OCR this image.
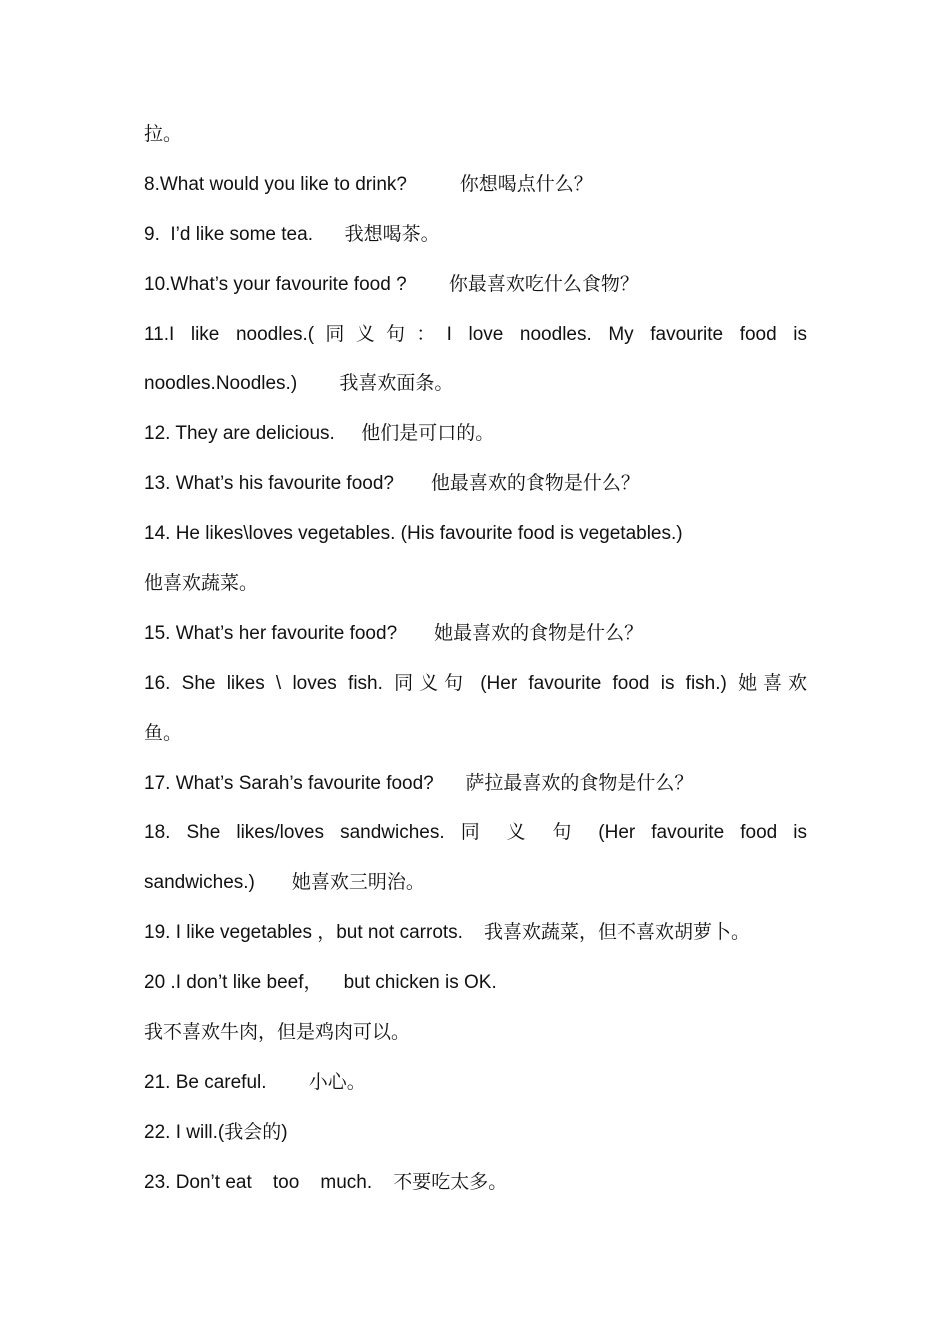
拉。
8.What would you like to drink?          你想喝点什么？
9.  I’d like some tea.      我想喝茶。
10.What’s your favourite food ?        你最喜欢吃什么食物？
11.I like noodles.(同义句：I love noodles. My favourite food is
noodles.Noodles.)        我喜欢面条。
12. They are delicious.     他们是可口的。
13. What’s his favourite food?       他最喜欢的食物是什么？
14. He likes\loves vegetables. (His favourite food is vegetables.)
他喜欢蔬菜。
15. What’s her favourite food?       她最喜欢的食物是什么？
16. She likes \ loves fish. 同义句 (Her favourite food is fish.) 她喜欢
鱼。
17. What’s Sarah’s favourite food?      萨拉最喜欢的食物是什么？
18. She likes/loves sandwiches. 同 义 句 (Her favourite food is
sandwiches.)       她喜欢三明治。
19. I like vegetables ，but not carrots.    我喜欢蔬菜，但不喜欢胡萝卜。
20 .I don’t like beef，    but chicken is OK.
我不喜欢牛肉，但是鸡肉可以。
21. Be careful.        小心。
22. I will.(我会的)
23. Don’t eat    too    much.    不要吃太多。
